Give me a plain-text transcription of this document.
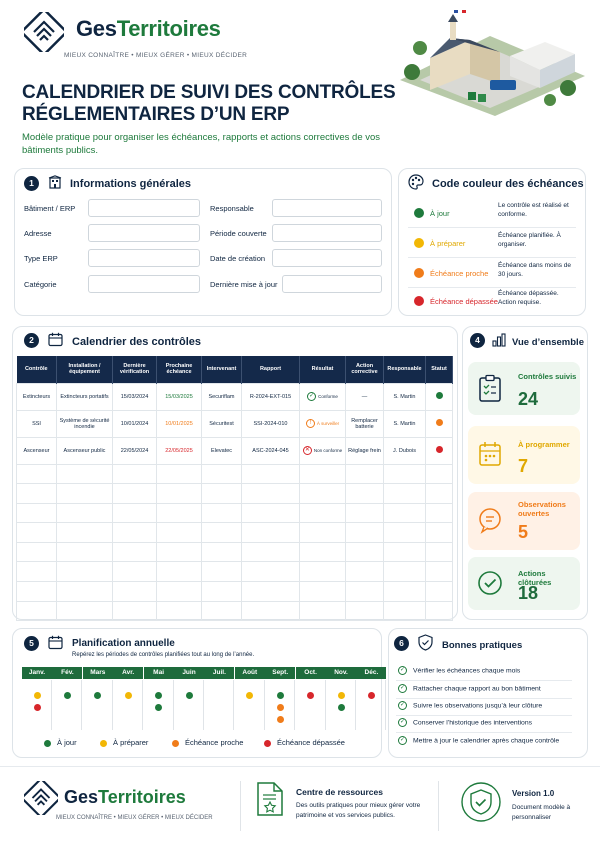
GesTerritoires
MIEUX CONNAÎTRE • MIEUX GÉRER • MIEUX DÉCIDER
CALENDRIER DE SUIVI DES CONTRÔLES
RÉGLEMENTAIRES D’UN ERP
Modèle pratique pour organiser les échéances, rapports et actions correctives de vos bâtiments publics.
1	Informations générales
Bâtiment / ERP
Adresse
Type ERP
Catégorie
Responsable
Période couverte
Date de création
Dernière mise à jour
Code couleur des échéances
À jour
Le contrôle est réalisé et conforme.
À préparer
Échéance planifiée. À organiser.
Échéance proche
Échéance dans moins de 30 jours.
Échéance dépassée
Échéance dépassée. Action requise.
2	Calendrier des contrôles
Contrôle	Installation / équipement	Dernière vérification	Prochaine échéance	Intervenant	Rapport	Résultat	Action corrective	Responsable	Statut
Extincteurs	Extincteurs portatifs	15/03/2024	15/03/2025	Securiflam	R-2024-EXT-015	✓ Conforme	—	S. Martin	
SSI	Système de sécurité incendie	10/01/2024	10/01/2025	Sécuritest	SSI-2024-010	! À surveiller	Remplacer batterie	S. Martin	
Ascenseur	Ascenseur public	22/05/2024	22/05/2025	Elevatec	ASC-2024-045	✕ Non conforme	Réglage frein	J. Dubois	

4	Vue d’ensemble
Contrôles suivis
24
À programmer
7
Observations ouvertes
5
Actions clôturées
18
5	Planification annuelle
Repérez les périodes de contrôles planifiées tout au long de l’année.
Janv.	Fév.	Mars	Avr.	Mai	Juin	Juil.	Août	Sept.	Oct.	Nov.	Déc.
À jour	À préparer	Échéance proche	Échéance dépassée
6	Bonnes pratiques
✓ Vérifier les échéances chaque mois
✓ Rattacher chaque rapport au bon bâtiment
✓ Suivre les observations jusqu’à leur clôture
✓ Conserver l’historique des interventions
✓ Mettre à jour le calendrier après chaque contrôle
GesTerritoires
MIEUX CONNAÎTRE • MIEUX GÉRER • MIEUX DÉCIDER
Centre de ressources
Des outils pratiques pour mieux gérer votre patrimoine et vos services publics.
Version 1.0
Document modèle à personnaliser
